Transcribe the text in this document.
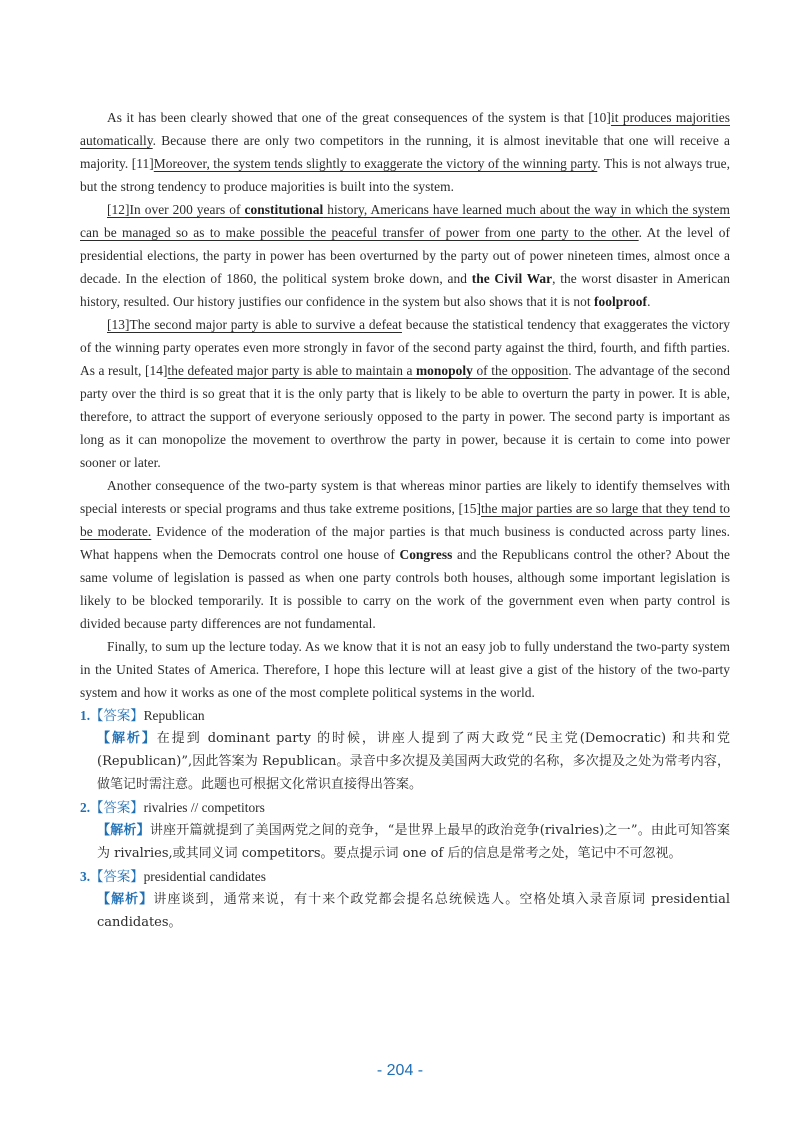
As it has been clearly showed that one of the great consequences of the system is that [10]it produces majorities automatically. Because there are only two competitors in the running, it is almost inevitable that one will receive a majority. [11]Moreover, the system tends slightly to exaggerate the victory of the winning party. This is not always true, but the strong tendency to produce majorities is built into the system.

[12]In over 200 years of constitutional history, Americans have learned much about the way in which the system can be managed so as to make possible the peaceful transfer of power from one party to the other. At the level of presidential elections, the party in power has been overturned by the party out of power nineteen times, almost once a decade. In the election of 1860, the political system broke down, and the Civil War, the worst disaster in American history, resulted. Our history justifies our confidence in the system but also shows that it is not foolproof.

[13]The second major party is able to survive a defeat because the statistical tendency that exaggerates the victory of the winning party operates even more strongly in favor of the second party against the third, fourth, and fifth parties. As a result, [14]the defeated major party is able to maintain a monopoly of the opposition. The advantage of the second party over the third is so great that it is the only party that is likely to be able to overturn the party in power. It is able, therefore, to attract the support of everyone seriously opposed to the party in power. The second party is important as long as it can monopolize the movement to overthrow the party in power, because it is certain to come into power sooner or later.

Another consequence of the two-party system is that whereas minor parties are likely to identify themselves with special interests or special programs and thus take extreme positions, [15]the major parties are so large that they tend to be moderate. Evidence of the moderation of the major parties is that much business is conducted across party lines. What happens when the Democrats control one house of Congress and the Republicans control the other? About the same volume of legislation is passed as when one party controls both houses, although some important legislation is likely to be blocked temporarily. It is possible to carry on the work of the government even when party control is divided because party differences are not fundamental.

Finally, to sum up the lecture today. As we know that it is not an easy job to fully understand the two-party system in the United States of America. Therefore, I hope this lecture will at least give a gist of the history of the two-party system and how it works as one of the most complete political systems in the world.

1.【答案】Republican

【解析】在提到 dominant party 的时候，讲座人提到了两大政党“民主党(Democratic) 和共和党(Republican)”,因此答案为 Republican。录音中多次提及美国两大政党的名称，多次提及之处为常考内容，做笔记时需注意。此题也可根据文化常识直接得出答案。

2.【答案】rivalries // competitors

【解析】讲座开篇就提到了美国两党之间的竞争，“是世界上最早的政治竞争(rivalries)之一”。由此可知答案为 rivalries,或其同义词 competitors。要点提示词 one of 后的信息是常考之处，笔记中不可忽视。

3.【答案】presidential candidates

【解析】讲座谈到，通常来说，有十来个政党都会提名总统候选人。空格处填入录音原词 presidential candidates。

- 204 -
